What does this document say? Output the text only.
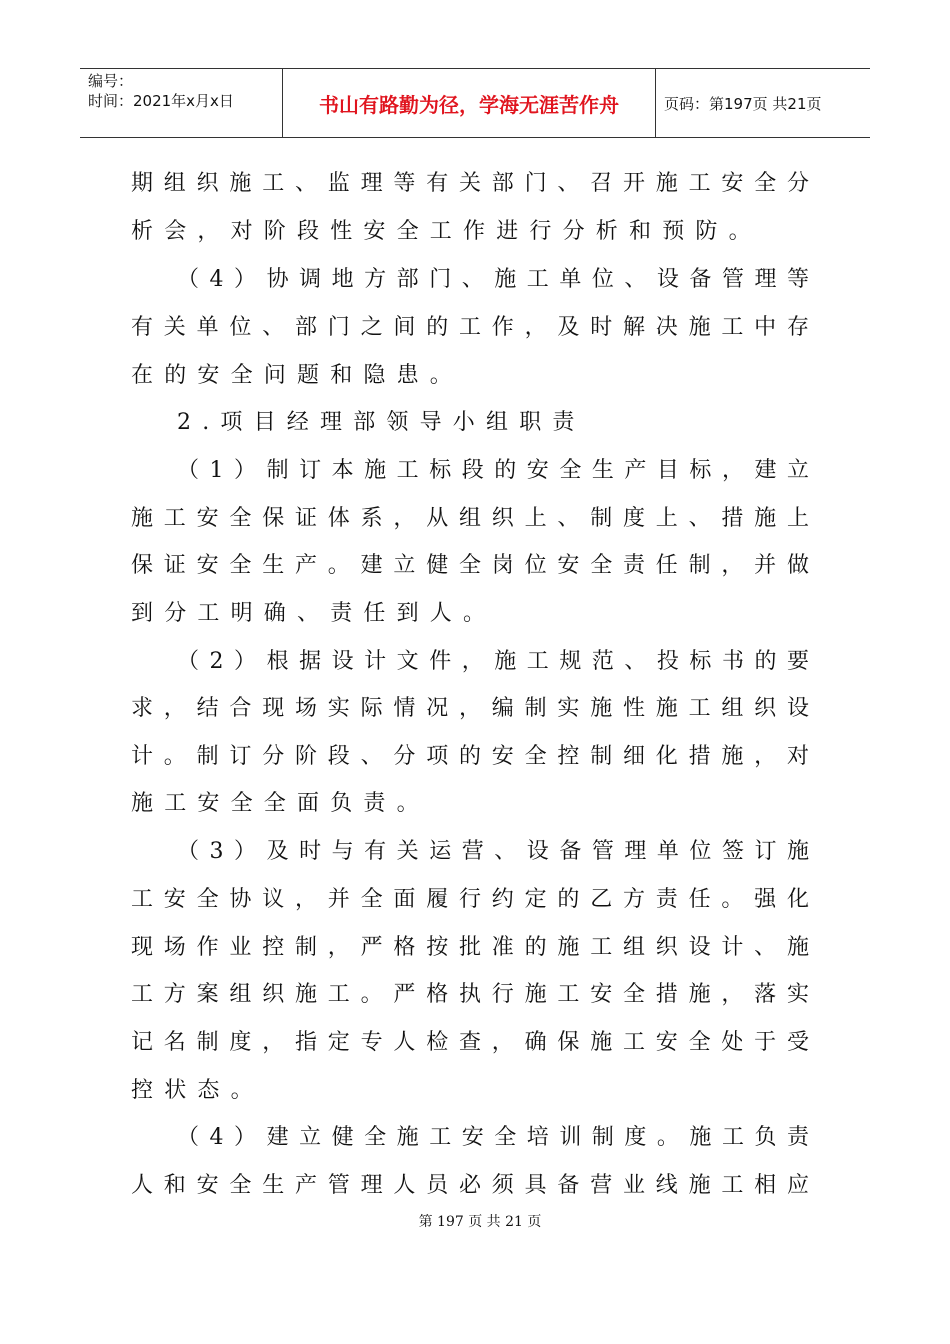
编号：
时间：2021年x月x日	书山有路勤为径，学海无涯苦作舟	页码：第197页 共21页
期组织施工、监理等有关部门、召开施工安全分
析会，对阶段性安全工作进行分析和预防。
（4）协调地方部门、施工单位、设备管理等
有关单位、部门之间的工作，及时解决施工中存
在的安全问题和隐患。
2.项目经理部领导小组职责
（1）制订本施工标段的安全生产目标，建立
施工安全保证体系，从组织上、制度上、措施上
保证安全生产。建立健全岗位安全责任制，并做
到分工明确、责任到人。
（2）根据设计文件，施工规范、投标书的要
求，结合现场实际情况，编制实施性施工组织设
计。制订分阶段、分项的安全控制细化措施，对
施工安全全面负责。
（3）及时与有关运营、设备管理单位签订施
工安全协议，并全面履行约定的乙方责任。强化
现场作业控制，严格按批准的施工组织设计、施
工方案组织施工。严格执行施工安全措施，落实
记名制度，指定专人检查，确保施工安全处于受
控状态。
（4）建立健全施工安全培训制度。施工负责
人和安全生产管理人员必须具备营业线施工相应
第 197 页 共 21 页
